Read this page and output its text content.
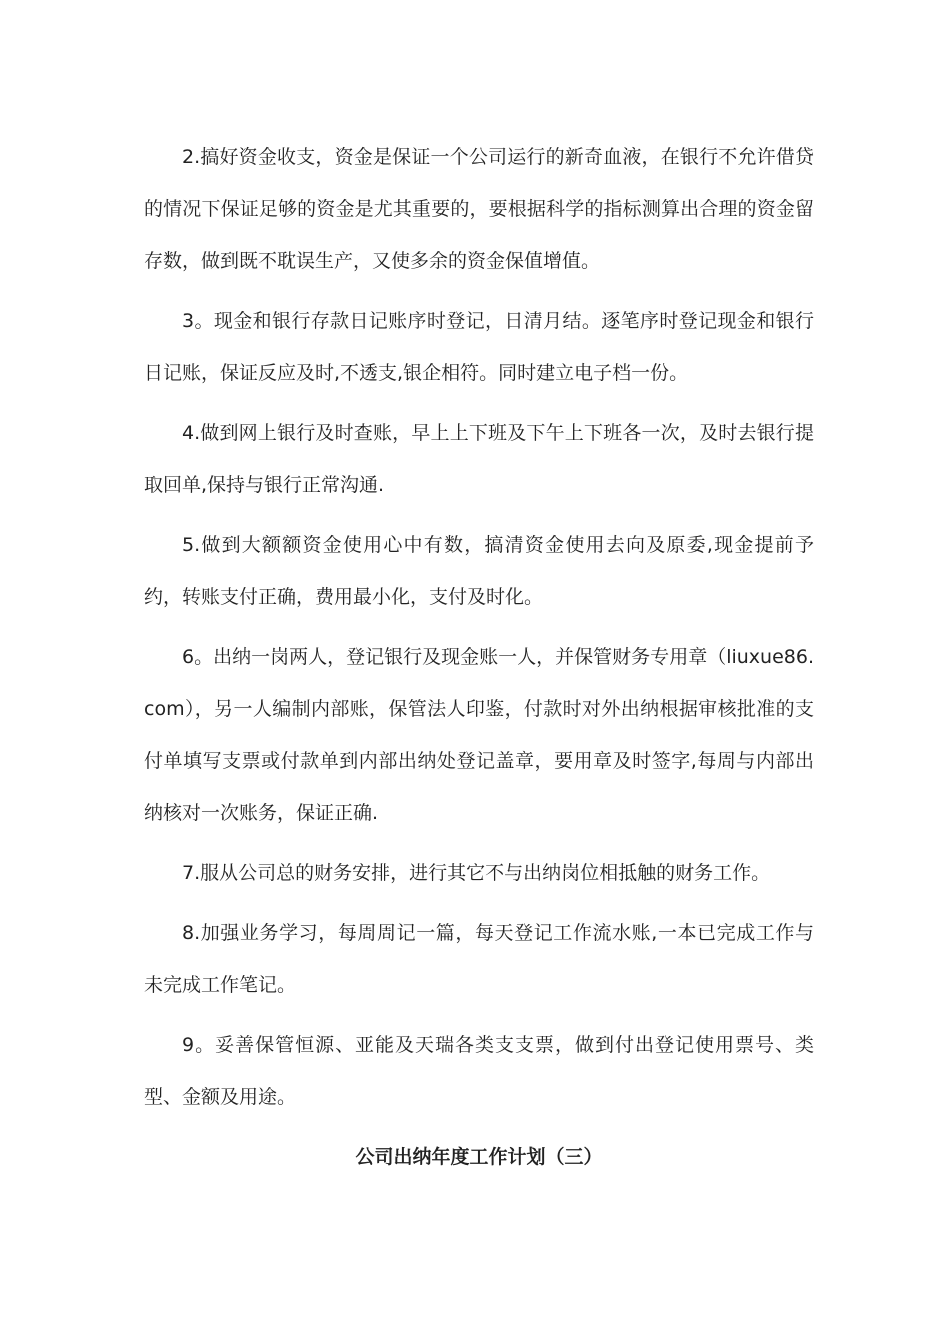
2.搞好资金收支，资金是保证一个公司运行的新奇血液，在银行不允许借贷的情况下保证足够的资金是尤其重要的，要根据科学的指标测算出合理的资金留存数，做到既不耽误生产，又使多余的资金保值增值。

3。现金和银行存款日记账序时登记，日清月结。逐笔序时登记现金和银行日记账，保证反应及时,不透支,银企相符。同时建立电子档一份。

4.做到网上银行及时查账，早上上下班及下午上下班各一次，及时去银行提取回单,保持与银行正常沟通.

5.做到大额额资金使用心中有数，搞清资金使用去向及原委,现金提前予约，转账支付正确，费用最小化，支付及时化。

6。出纳一岗两人，登记银行及现金账一人，并保管财务专用章（liuxue86.com），另一人编制内部账，保管法人印鉴，付款时对外出纳根据审核批准的支付单填写支票或付款单到内部出纳处登记盖章，要用章及时签字,每周与内部出纳核对一次账务，保证正确.

7.服从公司总的财务安排，进行其它不与出纳岗位相抵触的财务工作。

8.加强业务学习，每周周记一篇，每天登记工作流水账,一本已完成工作与未完成工作笔记。

9。妥善保管恒源、亚能及天瑞各类支支票，做到付出登记使用票号、类型、金额及用途。

公司出纳年度工作计划（三）
